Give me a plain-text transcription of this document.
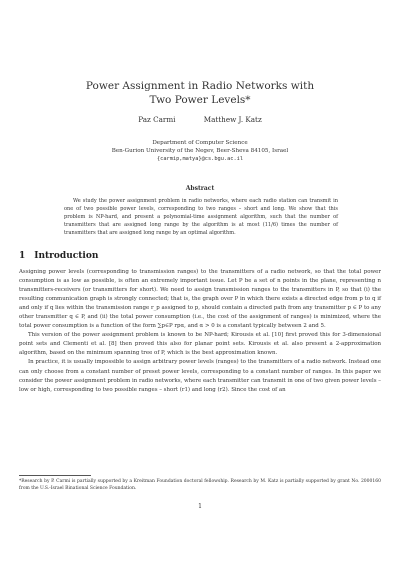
Power Assignment in Radio Networks with
Two Power Levels*
Paz Carmi	Matthew J. Katz
Department of Computer Science
Ben-Gurion University of the Negev, Beer-Sheva 84105, Israel
{carmip,matya}@cs.bgu.ac.il
Abstract
We study the power assignment problem in radio networks, where each radio station can transmit in one of two possible power levels, corresponding to two ranges – short and long. We show that this problem is NP-hard, and present a polynomial-time assignment algorithm, such that the number of transmitters that are assigned long range by the algorithm is at most (11/6) times the number of transmitters that are assigned long range by an optimal algorithm.
1 Introduction

Assigning power levels (corresponding to transmission ranges) to the transmitters of a radio network, so that the total power consumption is as low as possible, is often an extremely important issue. Let P be a set of n points in the plane, representing n transmitters-receivers (or transmitters for short). We need to assign transmission ranges to the transmitters in P, so that (i) the resulting communication graph is strongly connected; that is, the graph over P in which there exists a directed edge from p to q if and only if q lies within the transmission range r_p assigned to p, should contain a directed path from any transmitter p ∈ P to any other transmitter q ∈ P, and (ii) the total power consumption (i.e., the cost of the assignment of ranges) is minimized, where the total power consumption is a function of the form ∑p∈P rpα, and α > 0 is a constant typically between 2 and 5.

This version of the power assignment problem is known to be NP-hard; Kirousis et al. [10] first proved this for 3-dimensional point sets and Clementi et al. [8] then proved this also for planar point sets. Kirousis et al. also present a 2-approximation algorithm, based on the minimum spanning tree of P, which is the best approximation known.

In practice, it is usually impossible to assign arbitrary power levels (ranges) to the transmitters of a radio network. Instead one can only choose from a constant number of preset power levels, corresponding to a constant number of ranges. In this paper we consider the power assignment problem in radio networks, where each transmitter can transmit in one of two given power levels – low or high, corresponding to two possible ranges – short (r1) and long (r2). Since the cost of an

*Research by P. Carmi is partially supported by a Kreitman Foundation doctoral fellowship. Research by M. Katz is partially supported by grant No. 2000160 from the U.S.-Israel Binational Science Foundation.
1
